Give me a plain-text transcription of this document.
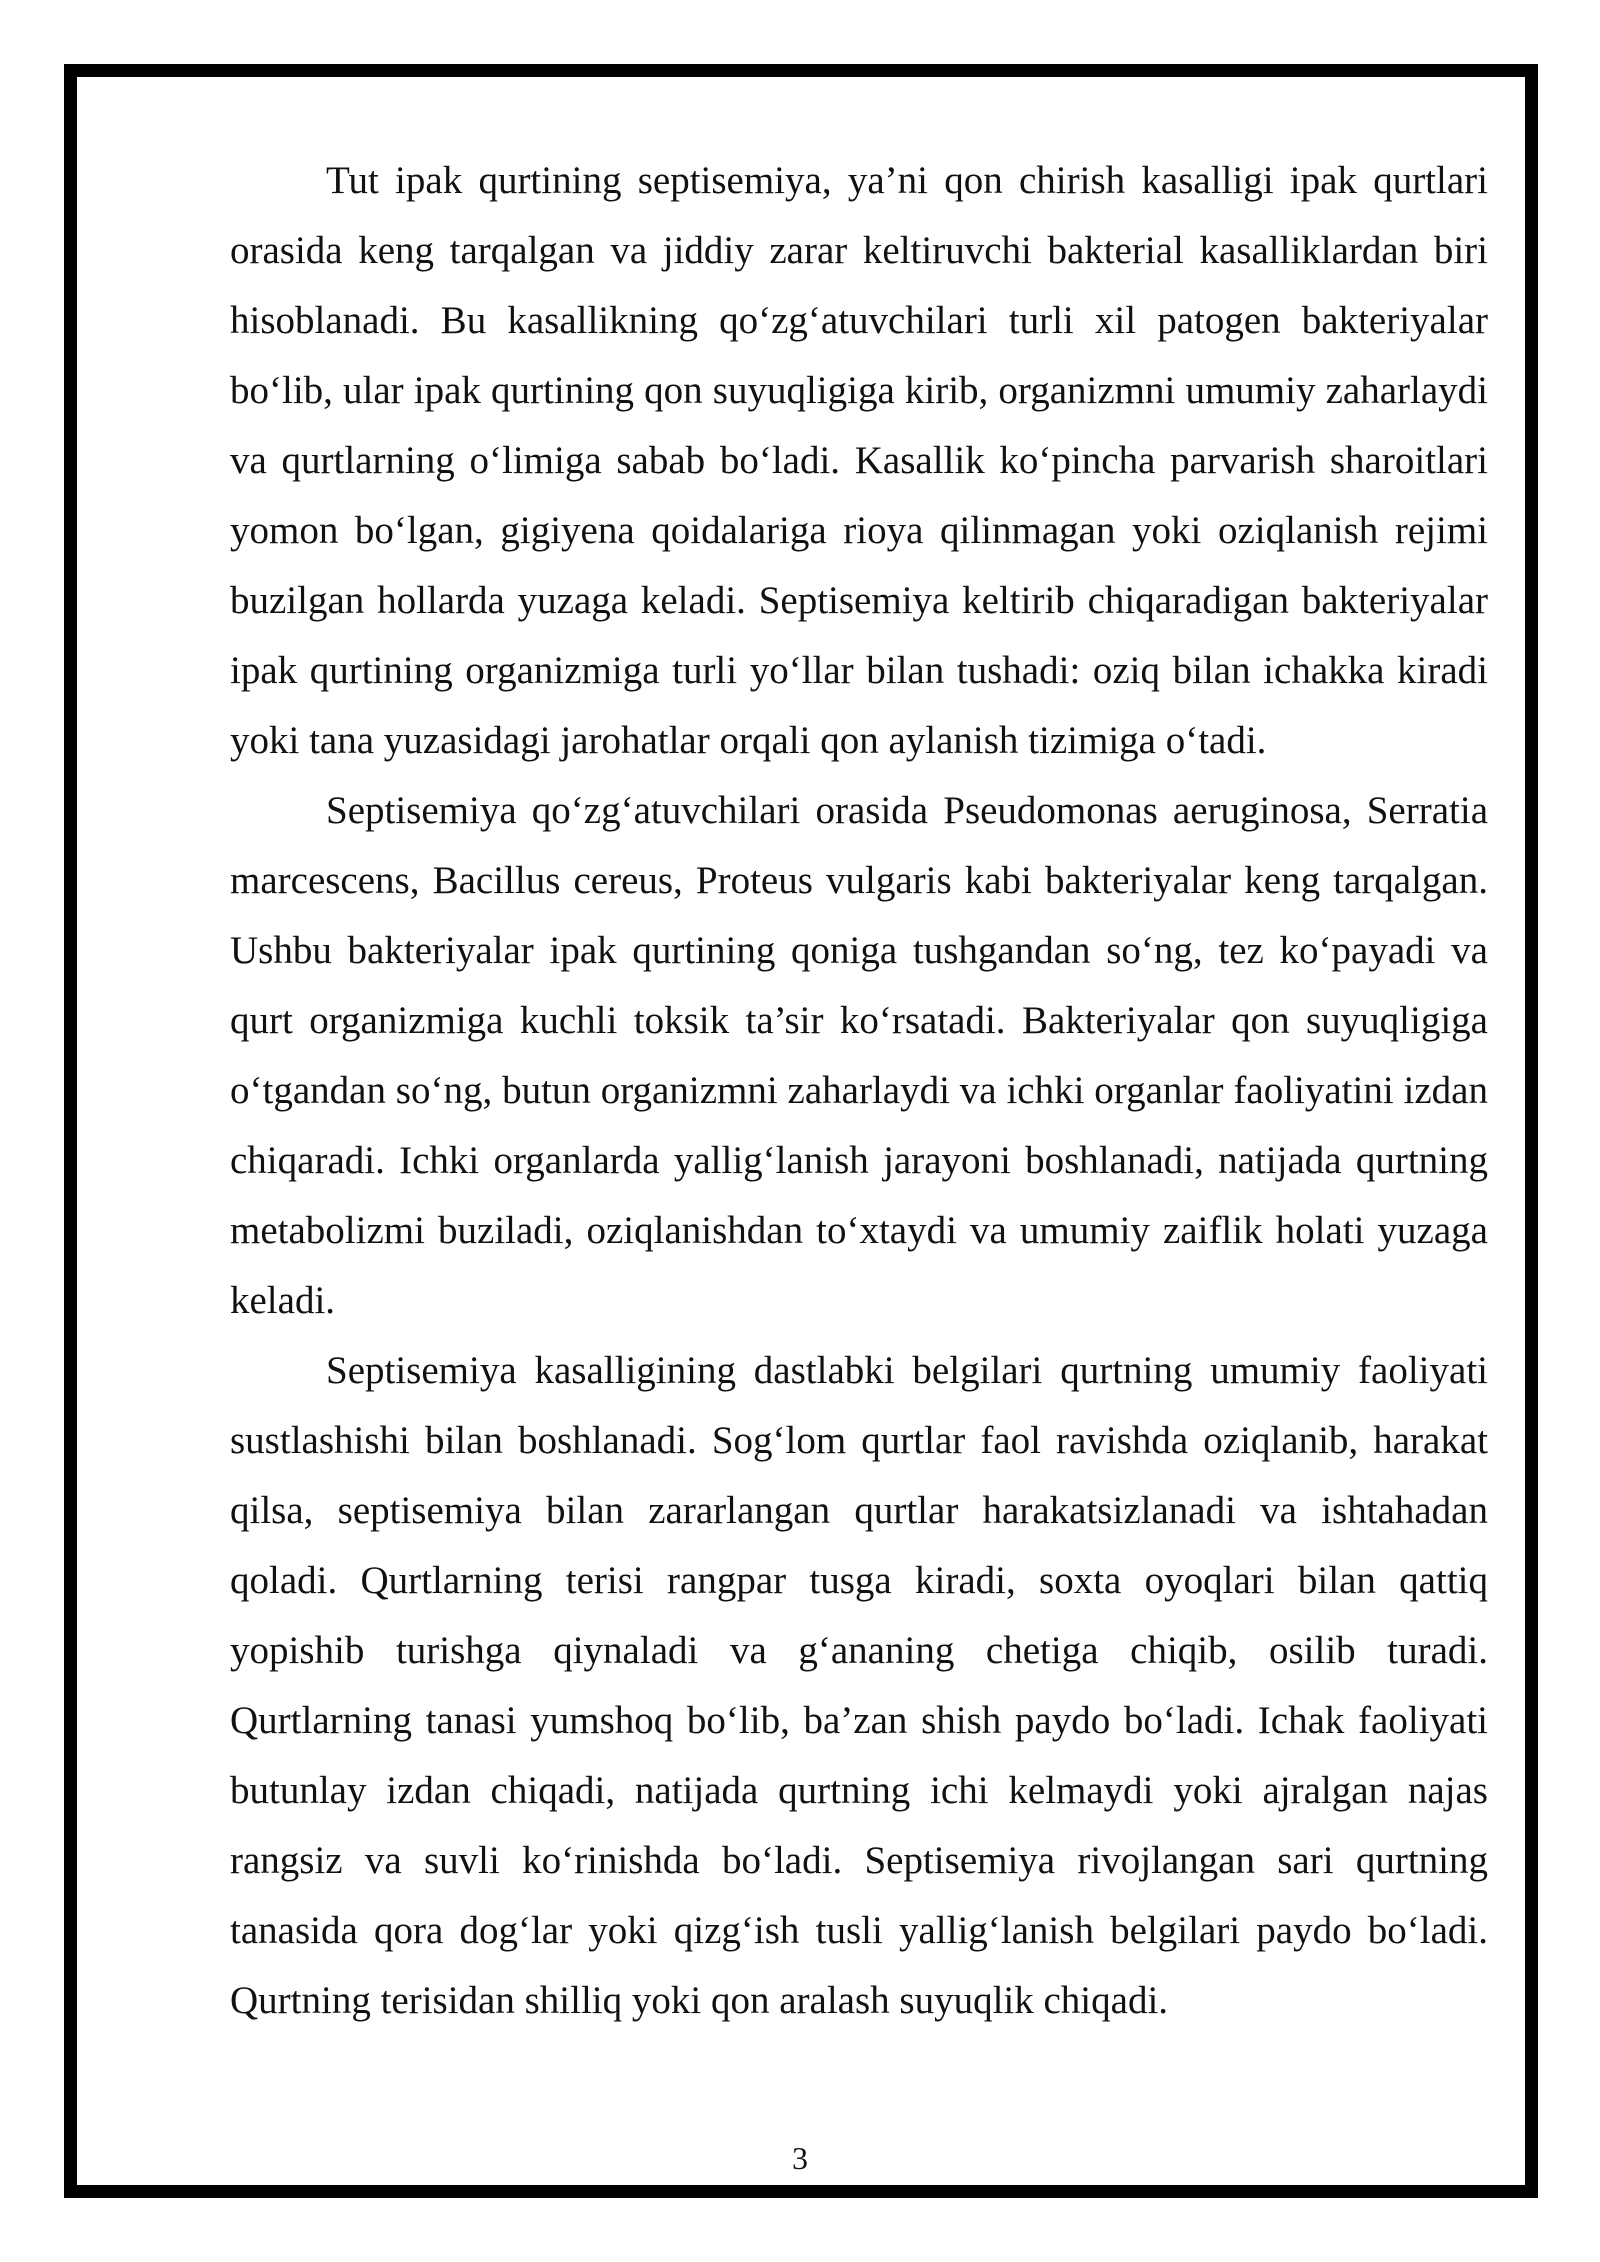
Tut ipak qurtining septisemiya, ya’ni qon chirish kasalligi ipak qurtlari orasida keng tarqalgan va jiddiy zarar keltiruvchi bakterial kasalliklardan biri hisoblanadi. Bu kasallikning qo‘zg‘atuvchilari turli xil patogen bakteriyalar bo‘lib, ular ipak qurtining qon suyuqligiga kirib, organizmni umumiy zaharlaydi va qurtlarning o‘limiga sabab bo‘ladi. Kasallik ko‘pincha parvarish sharoitlari yomon bo‘lgan, gigiyena qoidalariga rioya qilinmagan yoki oziqlanish rejimi buzilgan hollarda yuzaga keladi. Septisemiya keltirib chiqaradigan bakteriyalar ipak qurtining organizmiga turli yo‘llar bilan tushadi: oziq bilan ichakka kiradi yoki tana yuzasidagi jarohatlar orqali qon aylanish tizimiga o‘tadi.

Septisemiya qo‘zg‘atuvchilari orasida Pseudomonas aeruginosa, Serratia marcescens, Bacillus cereus, Proteus vulgaris kabi bakteriyalar keng tarqalgan. Ushbu bakteriyalar ipak qurtining qoniga tushgandan so‘ng, tez ko‘payadi va qurt organizmiga kuchli toksik ta’sir ko‘rsatadi. Bakteriyalar qon suyuqligiga o‘tgandan so‘ng, butun organizmni zaharlaydi va ichki organlar faoliyatini izdan chiqaradi. Ichki organlarda yallig‘lanish jarayoni boshlanadi, natijada qurtning metabolizmi buziladi, oziqlanishdan to‘xtaydi va umumiy zaiflik holati yuzaga keladi.

Septisemiya kasalligining dastlabki belgilari qurtning umumiy faoliyati sustlashishi bilan boshlanadi. Sog‘lom qurtlar faol ravishda oziqlanib, harakat qilsa, septisemiya bilan zararlangan qurtlar harakatsizlanadi va ishtahadan qoladi. Qurtlarning terisi rangpar tusga kiradi, soxta oyoqlari bilan qattiq yopishib turishga qiynaladi va g‘ananing chetiga chiqib, osilib turadi. Qurtlarning tanasi yumshoq bo‘lib, ba’zan shish paydo bo‘ladi. Ichak faoliyati butunlay izdan chiqadi, natijada qurtning ichi kelmaydi yoki ajralgan najas rangsiz va suvli ko‘rinishda bo‘ladi. Septisemiya rivojlangan sari qurtning tanasida qora dog‘lar yoki qizg‘ish tusli yallig‘lanish belgilari paydo bo‘ladi. Qurtning terisidan shilliq yoki qon aralash suyuqlik chiqadi.

3
